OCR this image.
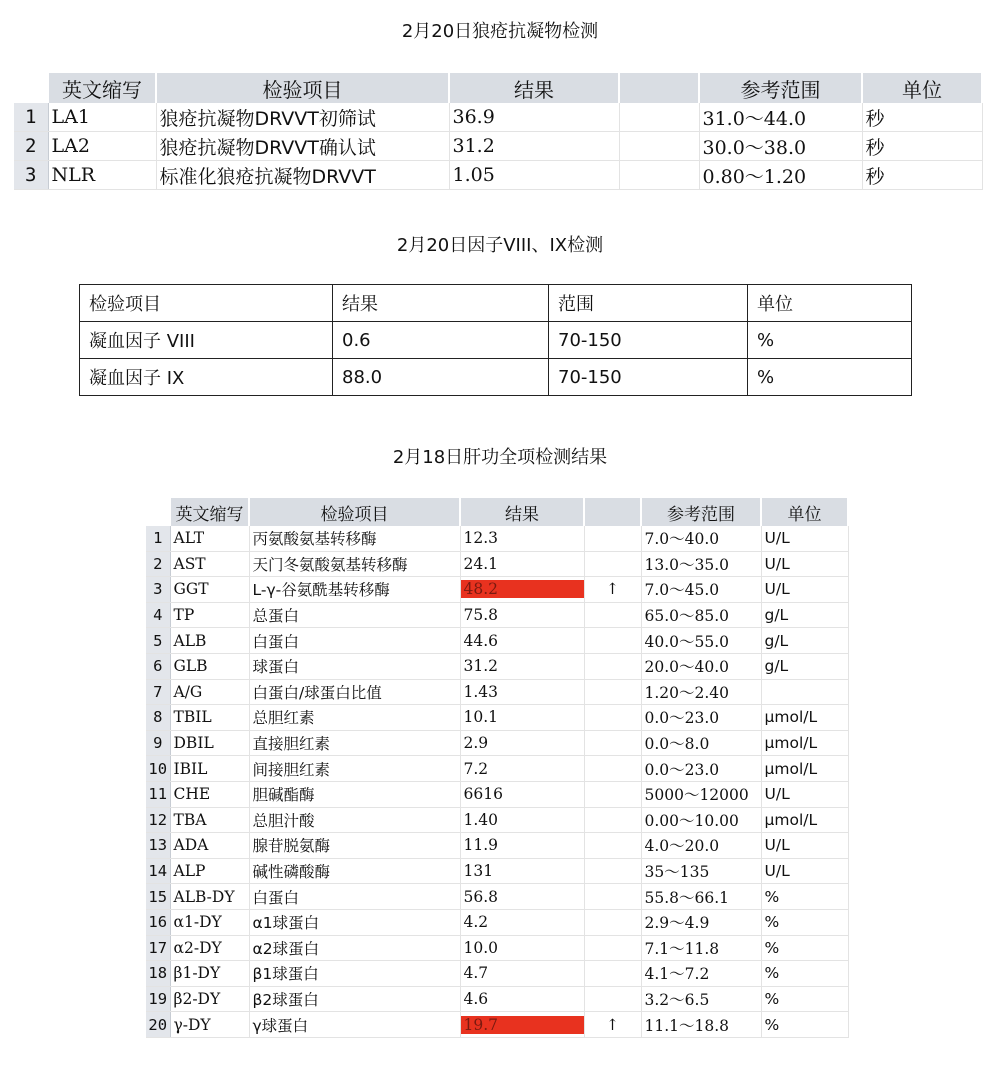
2月20日狼疮抗凝物检测
	英文缩写	检验项目	结果		参考范围	单位
1	LA1	狼疮抗凝物DRVVT初筛试	36.9		31.0～44.0	秒
2	LA2	狼疮抗凝物DRVVT确认试	31.2		30.0～38.0	秒
3	NLR	标准化狼疮抗凝物DRVVT	1.05		0.80～1.20	秒
2月20日因子VIII、IX检测
检验项目	结果	范围	单位
凝血因子 VIII	0.6	70-150	%
凝血因子 IX	88.0	70-150	%
2月18日肝功全项检测结果
	英文缩写	检验项目	结果		参考范围	单位
1	ALT	丙氨酸氨基转移酶	12.3		7.0～40.0	U/L
2	AST	天门冬氨酸氨基转移酶	24.1		13.0～35.0	U/L
3	GGT	L-γ-谷氨酰基转移酶	48.2	↑	7.0～45.0	U/L
4	TP	总蛋白	75.8		65.0～85.0	g/L
5	ALB	白蛋白	44.6		40.0～55.0	g/L
6	GLB	球蛋白	31.2		20.0～40.0	g/L
7	A/G	白蛋白/球蛋白比值	1.43		1.20～2.40	
8	TBIL	总胆红素	10.1		0.0～23.0	μmol/L
9	DBIL	直接胆红素	2.9		0.0～8.0	μmol/L
10	IBIL	间接胆红素	7.2		0.0～23.0	μmol/L
11	CHE	胆碱酯酶	6616		5000～12000	U/L
12	TBA	总胆汁酸	1.40		0.00～10.00	μmol/L
13	ADA	腺苷脱氨酶	11.9		4.0～20.0	U/L
14	ALP	碱性磷酸酶	131		35～135	U/L
15	ALB-DY	白蛋白	56.8		55.8～66.1	%
16	α1-DY	α1球蛋白	4.2		2.9～4.9	%
17	α2-DY	α2球蛋白	10.0		7.1～11.8	%
18	β1-DY	β1球蛋白	4.7		4.1～7.2	%
19	β2-DY	β2球蛋白	4.6		3.2～6.5	%
20	γ-DY	γ球蛋白	19.7	↑	11.1～18.8	%
